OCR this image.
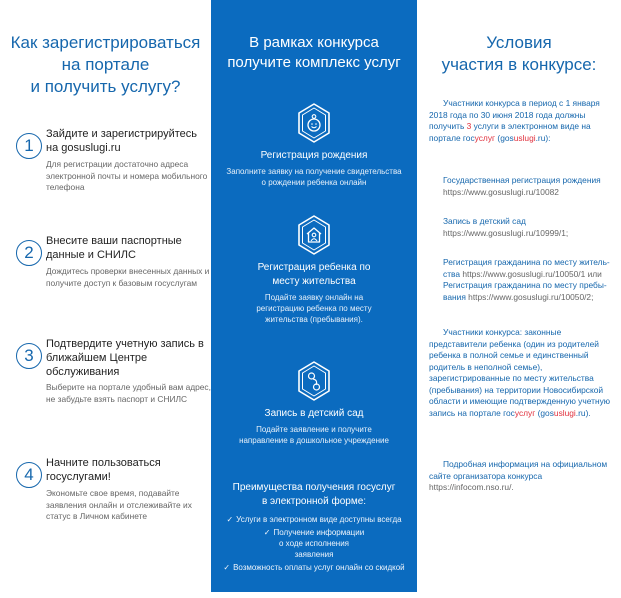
Как зарегистрироваться
на портале
и получить услугу?
1
Зайдите и зарегистрируйтесь на gosuslugi.ru
Для регистрации достаточно адреса электронной почты и номера мобильного телефона
2
Внесите ваши паспортные данные и СНИЛС
Дождитесь проверки внесенных данных и получите доступ к базовым госуслугам
3
Подтвердите учетную запись в ближайшем Центре обслуживания
Выберите на портале удобный вам адрес, не забудьте взять паспорт и СНИЛС
4
Начните пользоваться госуслугами!
Экономьте свое время, подавайте заявления онлайн и отслеживайте их статус в Личном кабинете
В рамках конкурса
получите комплекс услуг
Регистрация рождения
Заполните заявку на получение свидетельства о рождении ребенка онлайн
Регистрация ребенка по месту жительства
Подайте заявку онлайн на регистрацию ребенка по месту жительства (пребывания).
Запись в детский сад
Подайте заявление и получите направление в дошкольное учреждение
Преимущества получения госуслуг в электронной форме:
✓ Услуги в электронном виде доступны всегда
✓ Получение информации о ходе исполнения заявления
✓ Возможность оплаты услуг онлайн со скидкой
Условия
участия в конкурсе:
Участники конкурса в период с 1 января 2018 года по 30 июня 2018 года должны получить 3 услуги в электронном виде на портале госуслуг (gosuslugi.ru):
Государственная регистрация рождения
https://www.gosuslugi.ru/10082
Запись в детский сад
https://www.gosuslugi.ru/10999/1;
Регистрация гражданина по месту житель-ства https://www.gosuslugi.ru/10050/1 или Регистрация гражданина по месту пребы-вания https://www.gosuslugi.ru/10050/2;
Участники конкурса: законные представители ребенка (один из родителей ребенка в полной семье и единственный родитель в неполной семье), зарегистрированные по месту жительства (пребывания) на территории Новосибирской области и имеющие подтвержденную учетную запись на портале госуслуг (gosuslugi.ru).
Подробная информация на официальном сайте организатора конкурса
https://infocom.nso.ru/.
